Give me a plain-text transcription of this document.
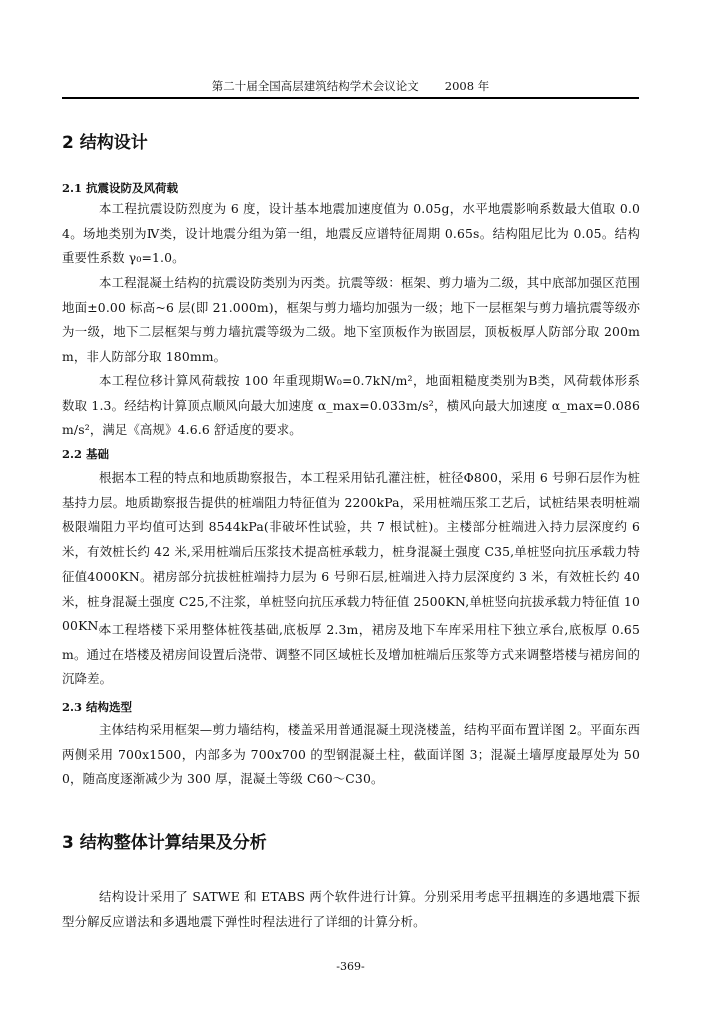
第二十届全国高层建筑结构学术会议论文 2008 年
2 结构设计
2.1 抗震设防及风荷载

本工程抗震设防烈度为 6 度，设计基本地震加速度值为 0.05g，水平地震影响系数最大值取 0.04。场地类别为Ⅳ类，设计地震分组为第一组，地震反应谱特征周期 0.65s。结构阻尼比为 0.05。结构重要性系数 γ₀=1.0。

本工程混凝土结构的抗震设防类别为丙类。抗震等级：框架、剪力墙为二级，其中底部加强区范围地面±0.00 标高~6 层(即 21.000m)，框架与剪力墙均加强为一级；地下一层框架与剪力墙抗震等级亦为一级，地下二层框架与剪力墙抗震等级为二级。地下室顶板作为嵌固层，顶板板厚人防部分取 200mm，非人防部分取 180mm。

本工程位移计算风荷载按 100 年重现期W₀=0.7kN/m²，地面粗糙度类别为B类，风荷载体形系数取 1.3。经结构计算顶点顺风向最大加速度 α_max=0.033m/s²，横风向最大加速度 α_max=0.086m/s²，满足《高规》4.6.6 舒适度的要求。

2.2 基础

根据本工程的特点和地质勘察报告，本工程采用钻孔灌注桩，桩径Φ800，采用 6 号卵石层作为桩基持力层。地质勘察报告提供的桩端阻力特征值为 2200kPa，采用桩端压浆工艺后，试桩结果表明桩端极限端阻力平均值可达到 8544kPa(非破坏性试验，共 7 根试桩)。主楼部分桩端进入持力层深度约 6 米，有效桩长约 42 米,采用桩端后压浆技术提高桩承载力，桩身混凝土强度 C35,单桩竖向抗压承载力特征值4000KN。裙房部分抗拔桩桩端持力层为 6 号卵石层,桩端进入持力层深度约 3 米，有效桩长约 40 米，桩身混凝土强度 C25,不注浆，单桩竖向抗压承载力特征值 2500KN,单桩竖向抗拔承载力特征值 1000KN。

本工程塔楼下采用整体桩筏基础,底板厚 2.3m，裙房及地下车库采用柱下独立承台,底板厚 0.65m。通过在塔楼及裙房间设置后浇带、调整不同区域桩长及增加桩端后压浆等方式来调整塔楼与裙房间的沉降差。

2.3 结构选型

主体结构采用框架—剪力墙结构，楼盖采用普通混凝土现浇楼盖，结构平面布置详图 2。平面东西两侧采用 700x1500，内部多为 700x700 的型钢混凝土柱，截面详图 3；混凝土墙厚度最厚处为 500，随高度逐渐减少为 300 厚，混凝土等级 C60～C30。

3 结构整体计算结果及分析

结构设计采用了 SATWE 和 ETABS 两个软件进行计算。分别采用考虑平扭耦连的多遇地震下振型分解反应谱法和多遇地震下弹性时程法进行了详细的计算分析。

-369-
